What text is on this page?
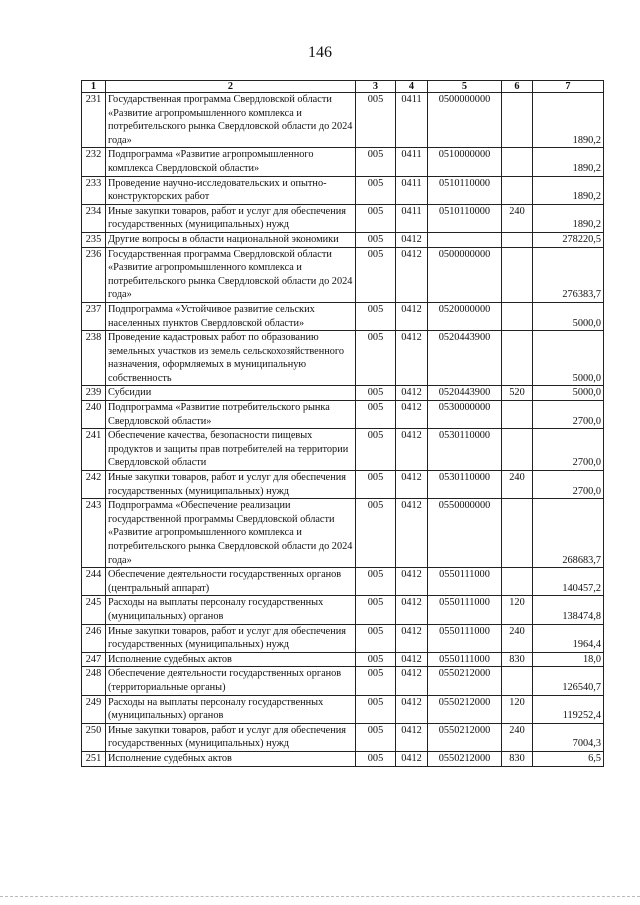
146
1	2	3	4	5	6	7
231	Государственная программа Свердловской области «Развитие агропромышленного комплекса и потребительского рынка Свердловской области до 2024 года»	005	0411	0500000000		1890,2
232	Подпрограмма «Развитие агропромышленного комплекса Свердловской области»	005	0411	0510000000		1890,2
233	Проведение научно-исследовательских и опытно-конструкторских работ	005	0411	0510110000		1890,2
234	Иные закупки товаров, работ и услуг для обеспечения государственных (муниципальных) нужд	005	0411	0510110000	240	1890,2
235	Другие вопросы в области национальной экономики	005	0412			278220,5
236	Государственная программа Свердловской области «Развитие агропромышленного комплекса и потребительского рынка Свердловской области до 2024 года»	005	0412	0500000000		276383,7
237	Подпрограмма «Устойчивое развитие сельских населенных пунктов Свердловской области»	005	0412	0520000000		5000,0
238	Проведение кадастровых работ по образованию земельных участков из земель сельскохозяйственного назначения, оформляемых в муниципальную собственность	005	0412	0520443900		5000,0
239	Субсидии	005	0412	0520443900	520	5000,0
240	Подпрограмма «Развитие потребительского рынка Свердловской области»	005	0412	0530000000		2700,0
241	Обеспечение качества, безопасности пищевых продуктов и защиты прав потребителей на территории Свердловской области	005	0412	0530110000		2700,0
242	Иные закупки товаров, работ и услуг для обеспечения государственных (муниципальных) нужд	005	0412	0530110000	240	2700,0
243	Подпрограмма «Обеспечение реализации государственной программы Свердловской области «Развитие агропромышленного комплекса и потребительского рынка Свердловской области до 2024 года»	005	0412	0550000000		268683,7
244	Обеспечение деятельности государственных органов (центральный аппарат)	005	0412	0550111000		140457,2
245	Расходы на выплаты персоналу государственных (муниципальных) органов	005	0412	0550111000	120	138474,8
246	Иные закупки товаров, работ и услуг для обеспечения государственных (муниципальных) нужд	005	0412	0550111000	240	1964,4
247	Исполнение судебных актов	005	0412	0550111000	830	18,0
248	Обеспечение деятельности государственных органов (территориальные органы)	005	0412	0550212000		126540,7
249	Расходы на выплаты персоналу государственных (муниципальных) органов	005	0412	0550212000	120	119252,4
250	Иные закупки товаров, работ и услуг для обеспечения государственных (муниципальных) нужд	005	0412	0550212000	240	7004,3
251	Исполнение судебных актов	005	0412	0550212000	830	6,5
